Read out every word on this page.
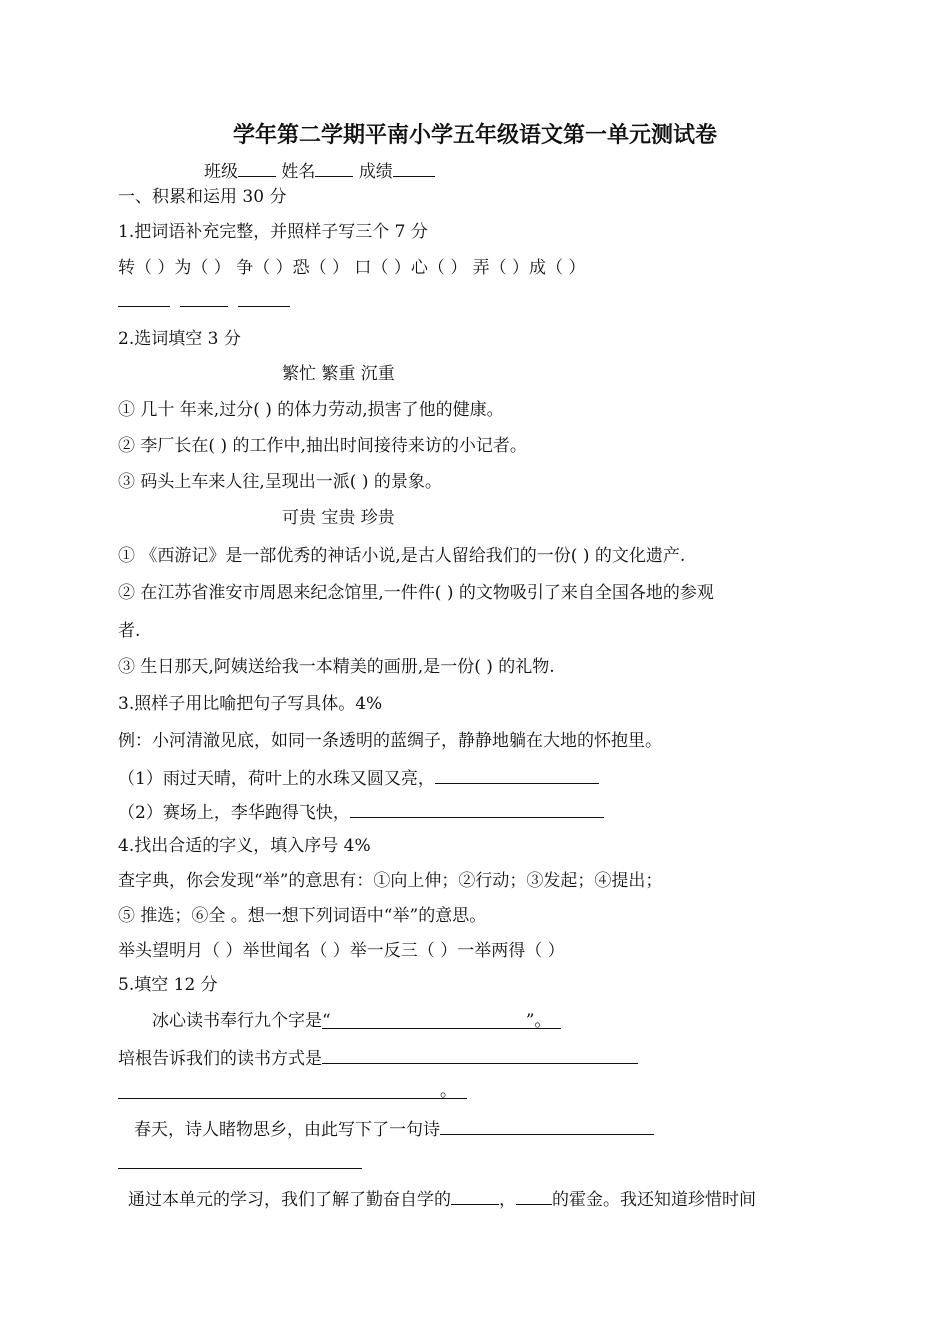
学年第二学期平南小学五年级语文第一单元测试卷
班级	姓名	成绩
一、积累和运用 30 分
1.把词语补充完整，并照样子写三个 7 分
转（ ）为（ ） 争（ ）恐（ ） 口（ ）心（ ） 弄（ ）成（ ）
2.选词填空 3 分
繁忙 繁重 沉重
① 几十 年来,过分( ) 的体力劳动,损害了他的健康。
② 李厂长在( ) 的工作中,抽出时间接待来访的小记者。
③ 码头上车来人往,呈现出一派( ) 的景象。
可贵 宝贵 珍贵
① 《西游记》是一部优秀的神话小说,是古人留给我们的一份( ) 的文化遗产.
② 在江苏省淮安市周恩来纪念馆里,一件件( ) 的文物吸引了来自全国各地的参观
者.
③ 生日那天,阿姨送给我一本精美的画册,是一份( ) 的礼物.
3.照样子用比喻把句子写具体。4%
例：小河清澈见底，如同一条透明的蓝绸子，静静地躺在大地的怀抱里。
（1）雨过天晴，荷叶上的水珠又圆又亮，
（2）赛场上，李华跑得飞快，
4.找出合适的字义，填入序号 4%
查字典，你会发现“举”的意思有：①向上伸；②行动；③发起；④提出；
⑤ 推选；⑥全 。想一想下列词语中“举”的意思。
举头望明月（ ）举世闻名（ ）举一反三（ ）一举两得（ ）
5.填空 12 分
冰心读书奉行九个字是“	”。
培根告诉我们的读书方式是
。
春天，诗人睹物思乡，由此写下了一句诗
通过本单元的学习，我们了解了勤奋自学的	， 的霍金。我还知道珍惜时间
